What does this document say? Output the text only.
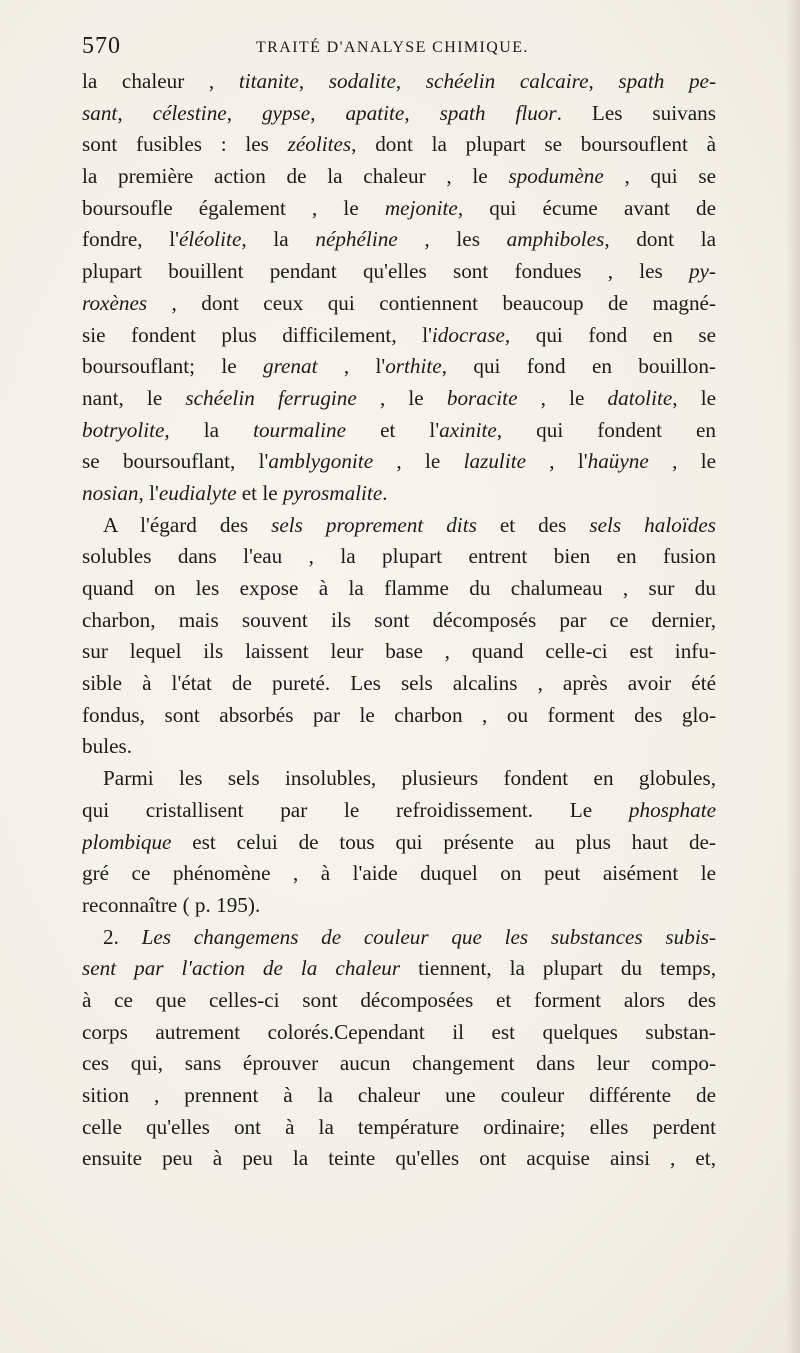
570	TRAITÉ D'ANALYSE CHIMIQUE.
la chaleur , titanite, sodalite, schéelin calcaire, spath pe-
sant, célestine, gypse, apatite, spath fluor. Les suivans
sont fusibles : les zéolites, dont la plupart se boursouflent à
la première action de la chaleur , le spodumène , qui se
boursoufle également , le mejonite, qui écume avant de
fondre, l'éléolite, la néphéline , les amphiboles, dont la
plupart bouillent pendant qu'elles sont fondues , les py-
roxènes , dont ceux qui contiennent beaucoup de magné-
sie fondent plus difficilement, l'idocrase, qui fond en se
boursouflant; le grenat , l'orthite, qui fond en bouillon-
nant, le schéelin ferrugine , le boracite , le datolite, le
botryolite, la tourmaline et l'axinite, qui fondent en
se boursouflant, l'amblygonite , le lazulite , l'haüyne , le
nosian, l'eudialyte et le pyrosmalite.
A l'égard des sels proprement dits et des sels haloïdes
solubles dans l'eau , la plupart entrent bien en fusion
quand on les expose à la flamme du chalumeau , sur du
charbon, mais souvent ils sont décomposés par ce dernier,
sur lequel ils laissent leur base , quand celle-ci est infu-
sible à l'état de pureté. Les sels alcalins , après avoir été
fondus, sont absorbés par le charbon , ou forment des glo-
bules.
Parmi les sels insolubles, plusieurs fondent en globules,
qui cristallisent par le refroidissement. Le phosphate
plombique est celui de tous qui présente au plus haut de-
gré ce phénomène , à l'aide duquel on peut aisément le
reconnaître ( p. 195).
2. Les changemens de couleur que les substances subis-
sent par l'action de la chaleur tiennent, la plupart du temps,
à ce que celles-ci sont décomposées et forment alors des
corps autrement colorés.Cependant il est quelques substan-
ces qui, sans éprouver aucun changement dans leur compo-
sition , prennent à la chaleur une couleur différente de
celle qu'elles ont à la température ordinaire; elles perdent
ensuite peu à peu la teinte qu'elles ont acquise ainsi , et,
